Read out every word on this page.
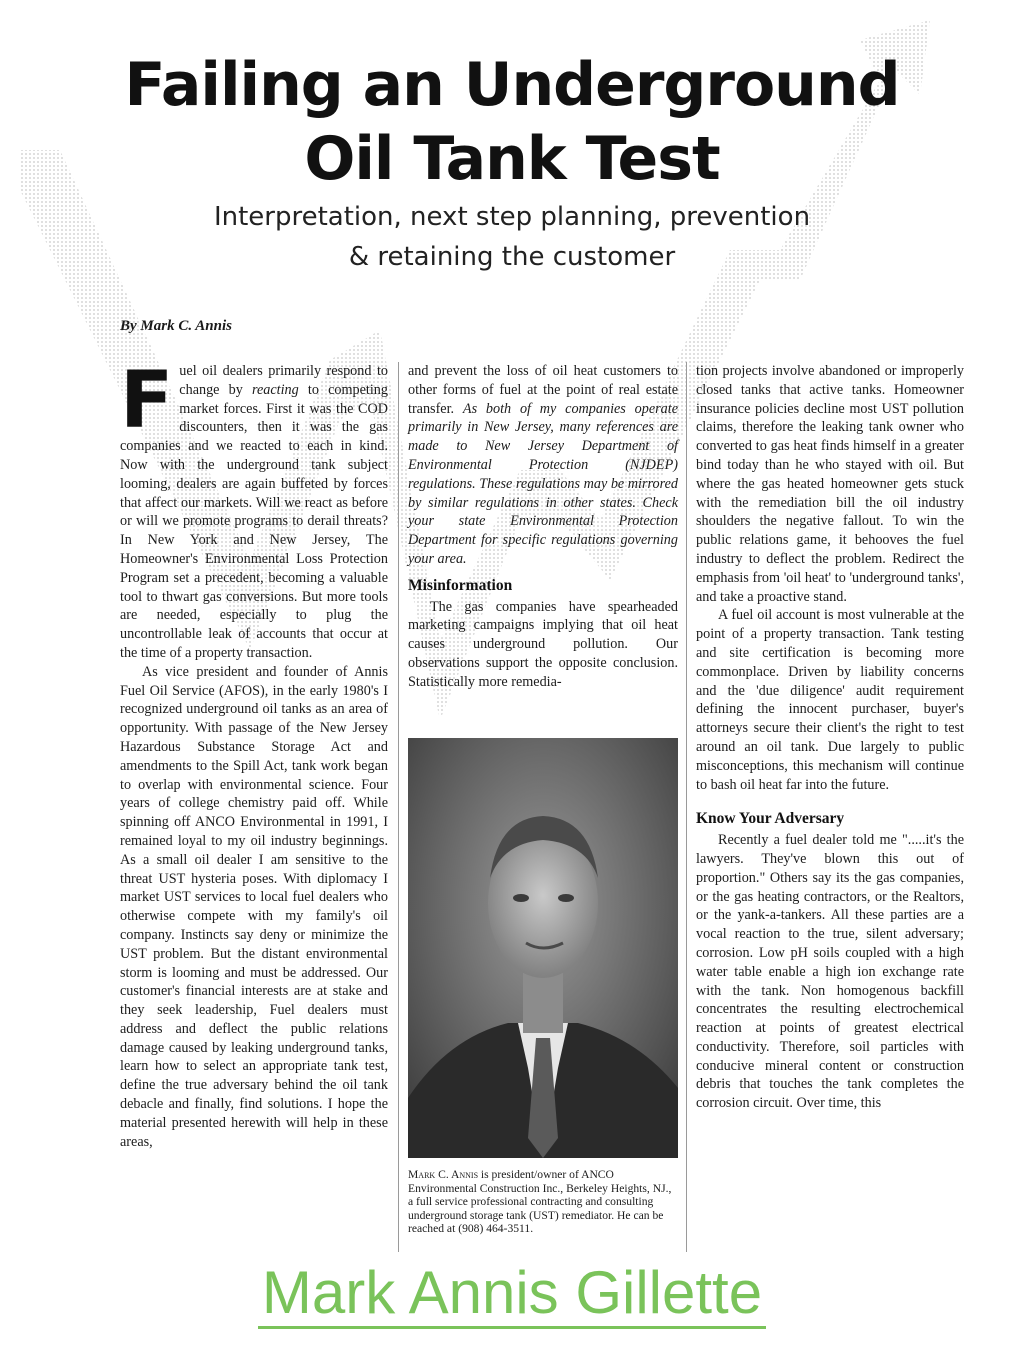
Failing an Underground
Oil Tank Test
Interpretation, next step planning, prevention
& retaining the customer
By Mark C. Annis

Fuel oil dealers primarily respond to change by reacting to competing market forces. First it was the COD discounters, then it was the gas companies and we reacted to each in kind. Now with the underground tank subject looming, dealers are again buffeted by forces that affect our markets. Will we react as before or will we promote programs to derail threats? In New York and New Jersey, The Homeowner's Environmental Loss Protection Program set a precedent, becoming a valuable tool to thwart gas conversions. But more tools are needed, especially to plug the uncontrollable leak of accounts that occur at the time of a property transaction.

As vice president and founder of Annis Fuel Oil Service (AFOS), in the early 1980's I recognized underground oil tanks as an area of opportunity. With passage of the New Jersey Hazardous Substance Storage Act and amendments to the Spill Act, tank work began to overlap with environmental science. Four years of college chemistry paid off. While spinning off ANCO Environmental in 1991, I remained loyal to my oil industry beginnings. As a small oil dealer I am sensitive to the threat UST hysteria poses. With diplomacy I market UST services to local fuel dealers who otherwise compete with my family's oil company. Instincts say deny or minimize the UST problem. But the distant environmental storm is looming and must be addressed. Our customer's financial interests are at stake and they seek leadership, Fuel dealers must address and deflect the public relations damage caused by leaking underground tanks, learn how to select an appropriate tank test, define the true adversary behind the oil tank debacle and finally, find solutions. I hope the material presented herewith will help in these areas,

and prevent the loss of oil heat customers to other forms of fuel at the point of real estate transfer. As both of my companies operate primarily in New Jersey, many references are made to New Jersey Department of Environmental Protection (NJDEP) regulations. These regulations may be mirrored by similar regulations in other states. Check your state Environmental Protection Department for specific regulations governing your area.

Misinformation

The gas companies have spearheaded marketing campaigns implying that oil heat causes underground pollution. Our observations support the opposite conclusion. Statistically more remedia-

Mark C. Annis is president/owner of ANCO Environmental Construction Inc., Berkeley Heights, NJ., a full service professional contracting and consulting underground storage tank (UST) remediator. He can be reached at (908) 464-3511.

tion projects involve abandoned or improperly closed tanks that active tanks. Homeowner insurance policies decline most UST pollution claims, therefore the leaking tank owner who converted to gas heat finds himself in a greater bind today than he who stayed with oil. But where the gas heated homeowner gets stuck with the remediation bill the oil industry shoulders the negative fallout. To win the public relations game, it behooves the fuel industry to deflect the problem. Redirect the emphasis from 'oil heat' to 'underground tanks', and take a proactive stand.

A fuel oil account is most vulnerable at the point of a property transaction. Tank testing and site certification is becoming more commonplace. Driven by liability concerns and the 'due diligence' audit requirement defining the innocent purchaser, buyer's attorneys secure their client's the right to test around an oil tank. Due largely to public misconceptions, this mechanism will continue to bash oil heat far into the future.

Know Your Adversary

Recently a fuel dealer told me ".....it's the lawyers. They've blown this out of proportion." Others say its the gas companies, or the gas heating contractors, or the Realtors, or the yank-a-tankers. All these parties are a vocal reaction to the true, silent adversary; corrosion. Low pH soils coupled with a high water table enable a high ion exchange rate with the tank. Non homogenous backfill concentrates the resulting electrochemical reaction at points of greatest electrical conductivity. Therefore, soil particles with conducive mineral content or construction debris that touches the tank completes the corrosion circuit. Over time, this

Mark Annis Gillette
